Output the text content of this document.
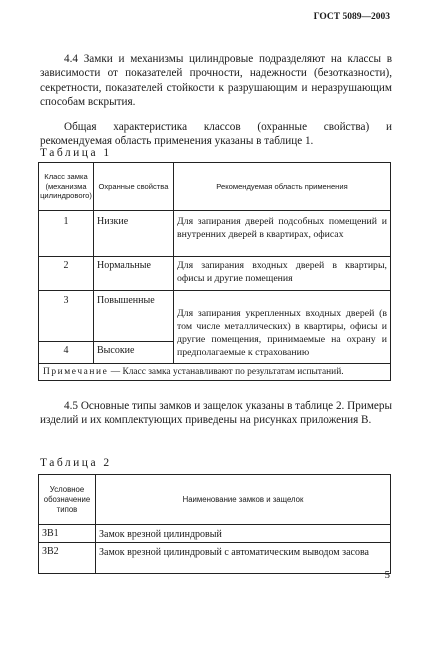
ГОСТ 5089—2003

4.4 Замки и механизмы цилиндровые подразделяют на классы в зависимости от показателей прочности, надежности (безотказности), секретности, показателей стойкости к разрушающим и неразрушающим способам вскрытия.

Общая характеристика классов (охранные свойства) и рекомендуемая область применения указаны в таблице 1.

Таблица 1
Класс замка (механизма цилиндрового)	Охранные свойства	Рекомендуемая область применения
1	Низкие	Для запирания дверей подсобных помещений и внутренних дверей в квартирах, офисах
2	Нормальные	Для запирания входных дверей в квартиры, офисы и другие помещения
3	Повышенные	Для запирания укрепленных входных дверей (в том числе металлических) в квартиры, офисы и другие помещения, принимаемые на охрану и предполагаемые к страхованию
4	Высокие	
Примечание — Класс замка устанавливают по результатам испытаний.		

4.5 Основные типы замков и защелок указаны в таблице 2. Примеры изделий и их комплектующих приведены на рисунках приложения В.

Таблица 2
Условное обозначение типов	Наименование замков и защелок
ЗВ1	Замок врезной цилиндровый
ЗВ2	Замок врезной цилиндровый с автоматическим выводом засова
5
